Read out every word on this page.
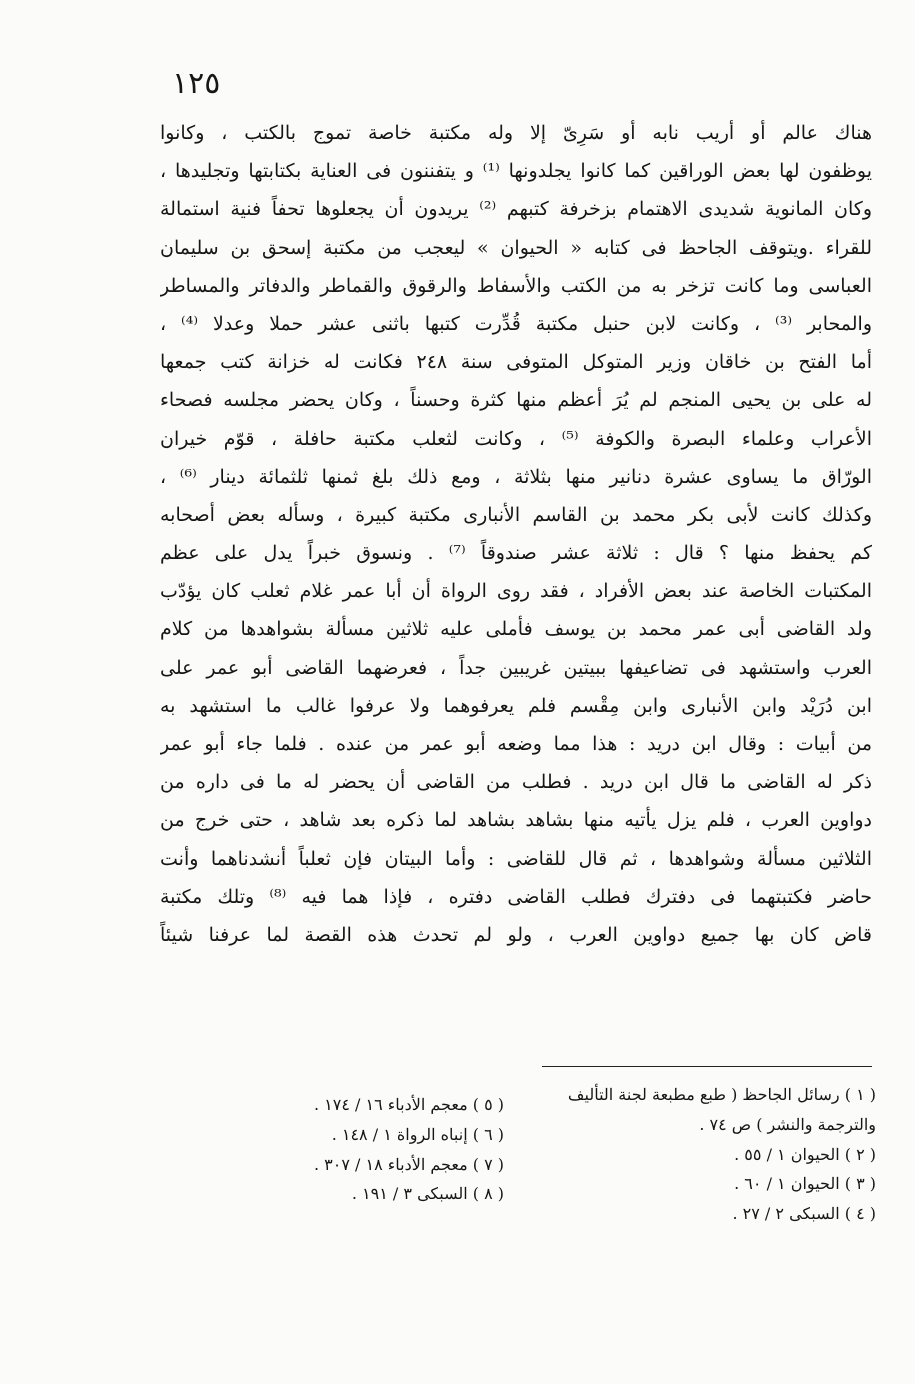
١٢٥
هناك عالم أو أريب نابه أو سَرِىّ إلا وله مكتبة خاصة تموج بالكتب ، وكانوا
يوظفون لها بعض الوراقين كما كانوا يجلدونها ⁽¹⁾ و يتفننون فى العناية بكتابتها وتجليدها ،
وكان المانوية شديدى الاهتمام بزخرفة كتبهم ⁽²⁾ يريدون أن يجعلوها تحفاً فنية استمالة
للقراء .ويتوقف الجاحظ فى كتابه « الحيوان » ليعجب من مكتبة إسحق بن سليمان
العباسى وما كانت تزخر به من الكتب والأسفاط والرقوق والقماطر والدفاتر والمساطر
والمحابر ⁽³⁾ ، وكانت لابن حنبل مكتبة قُدِّرت كتبها باثنى عشر حملا وعدلا ⁽⁴⁾ ،
أما الفتح بن خاقان وزير المتوكل المتوفى سنة ٢٤٨ فكانت له خزانة كتب جمعها
له على بن يحيى المنجم لم يُرَ أعظم منها كثرة وحسناً ، وكان يحضر مجلسه فصحاء
الأعراب وعلماء البصرة والكوفة ⁽⁵⁾ ، وكانت لثعلب مكتبة حافلة ، قوّم خيران
الورّاق ما يساوى عشرة دنانير منها بثلاثة ، ومع ذلك بلغ ثمنها ثلثمائة دينار ⁽⁶⁾ ،
وكذلك كانت لأبى بكر محمد بن القاسم الأنبارى مكتبة كبيرة ، وسأله بعض أصحابه
كم يحفظ منها ؟ قال : ثلاثة عشر صندوقاً ⁽⁷⁾ . ونسوق خبراً يدل على عظم
المكتبات الخاصة عند بعض الأفراد ، فقد روى الرواة أن أبا عمر غلام ثعلب كان يؤدّب
ولد القاضى أبى عمر محمد بن يوسف فأملى عليه ثلاثين مسألة بشواهدها من كلام
العرب واستشهد فى تضاعيفها ببيتين غريبين جداً ، فعرضهما القاضى أبو عمر على
ابن دُرَيْد وابن الأنبارى وابن مِقْسم فلم يعرفوهما ولا عرفوا غالب ما استشهد به
من أبيات : وقال ابن دريد : هذا مما وضعه أبو عمر من عنده . فلما جاء أبو عمر
ذكر له القاضى ما قال ابن دريد . فطلب من القاضى أن يحضر له ما فى داره من
دواوين العرب ، فلم يزل يأتيه منها بشاهد بشاهد لما ذكره بعد شاهد ، حتى خرج من
الثلاثين مسألة وشواهدها ، ثم قال للقاضى : وأما البيتان فإن ثعلباً أنشدناهما وأنت
حاضر فكتبتهما فى دفترك فطلب القاضى دفتره ، فإذا هما فيه ⁽⁸⁾ وتلك مكتبة
قاض كان بها جميع دواوين العرب ، ولو لم تحدث هذه القصة لما عرفنا شيئاً
( ١ ) رسائل الجاحظ ( طبع مطبعة لجنة التأليف
والترجمة والنشر ) ص ٧٤ .
( ٢ ) الحيوان ١ / ٥٥ .
( ٣ ) الحيوان ١ / ٦٠ .
( ٤ ) السبكى ٢ / ٢٧ .
( ٥ ) معجم الأدباء ١٦ / ١٧٤ .
( ٦ ) إنباه الرواة ١ / ١٤٨ .
( ٧ ) معجم الأدباء ١٨ / ٣٠٧ .
( ٨ ) السبكى ٣ / ١٩١ .
